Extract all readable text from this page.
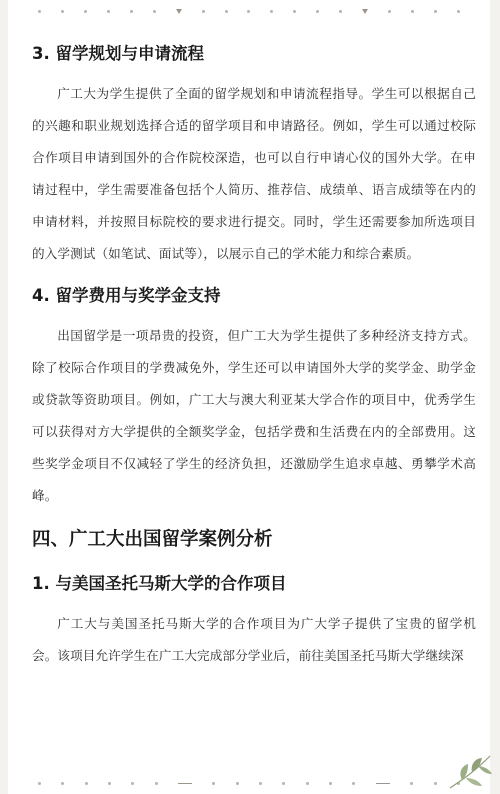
3. 留学规划与申请流程

广工大为学生提供了全面的留学规划和申请流程指导。学生可以根据自己的兴趣和职业规划选择合适的留学项目和申请路径。例如，学生可以通过校际合作项目申请到国外的合作院校深造，也可以自行申请心仪的国外大学。在申请过程中，学生需要准备包括个人简历、推荐信、成绩单、语言成绩等在内的申请材料，并按照目标院校的要求进行提交。同时，学生还需要参加所选项目的入学测试（如笔试、面试等），以展示自己的学术能力和综合素质。

4. 留学费用与奖学金支持

出国留学是一项昂贵的投资，但广工大为学生提供了多种经济支持方式。除了校际合作项目的学费减免外，学生还可以申请国外大学的奖学金、助学金或贷款等资助项目。例如，广工大与澳大利亚某大学合作的项目中，优秀学生可以获得对方大学提供的全额奖学金，包括学费和生活费在内的全部费用。这些奖学金项目不仅减轻了学生的经济负担，还激励学生追求卓越、勇攀学术高峰。

四、广工大出国留学案例分析
1. 与美国圣托马斯大学的合作项目

广工大与美国圣托马斯大学的合作项目为广大学子提供了宝贵的留学机会。该项目允许学生在广工大完成部分学业后，前往美国圣托马斯大学继续深
